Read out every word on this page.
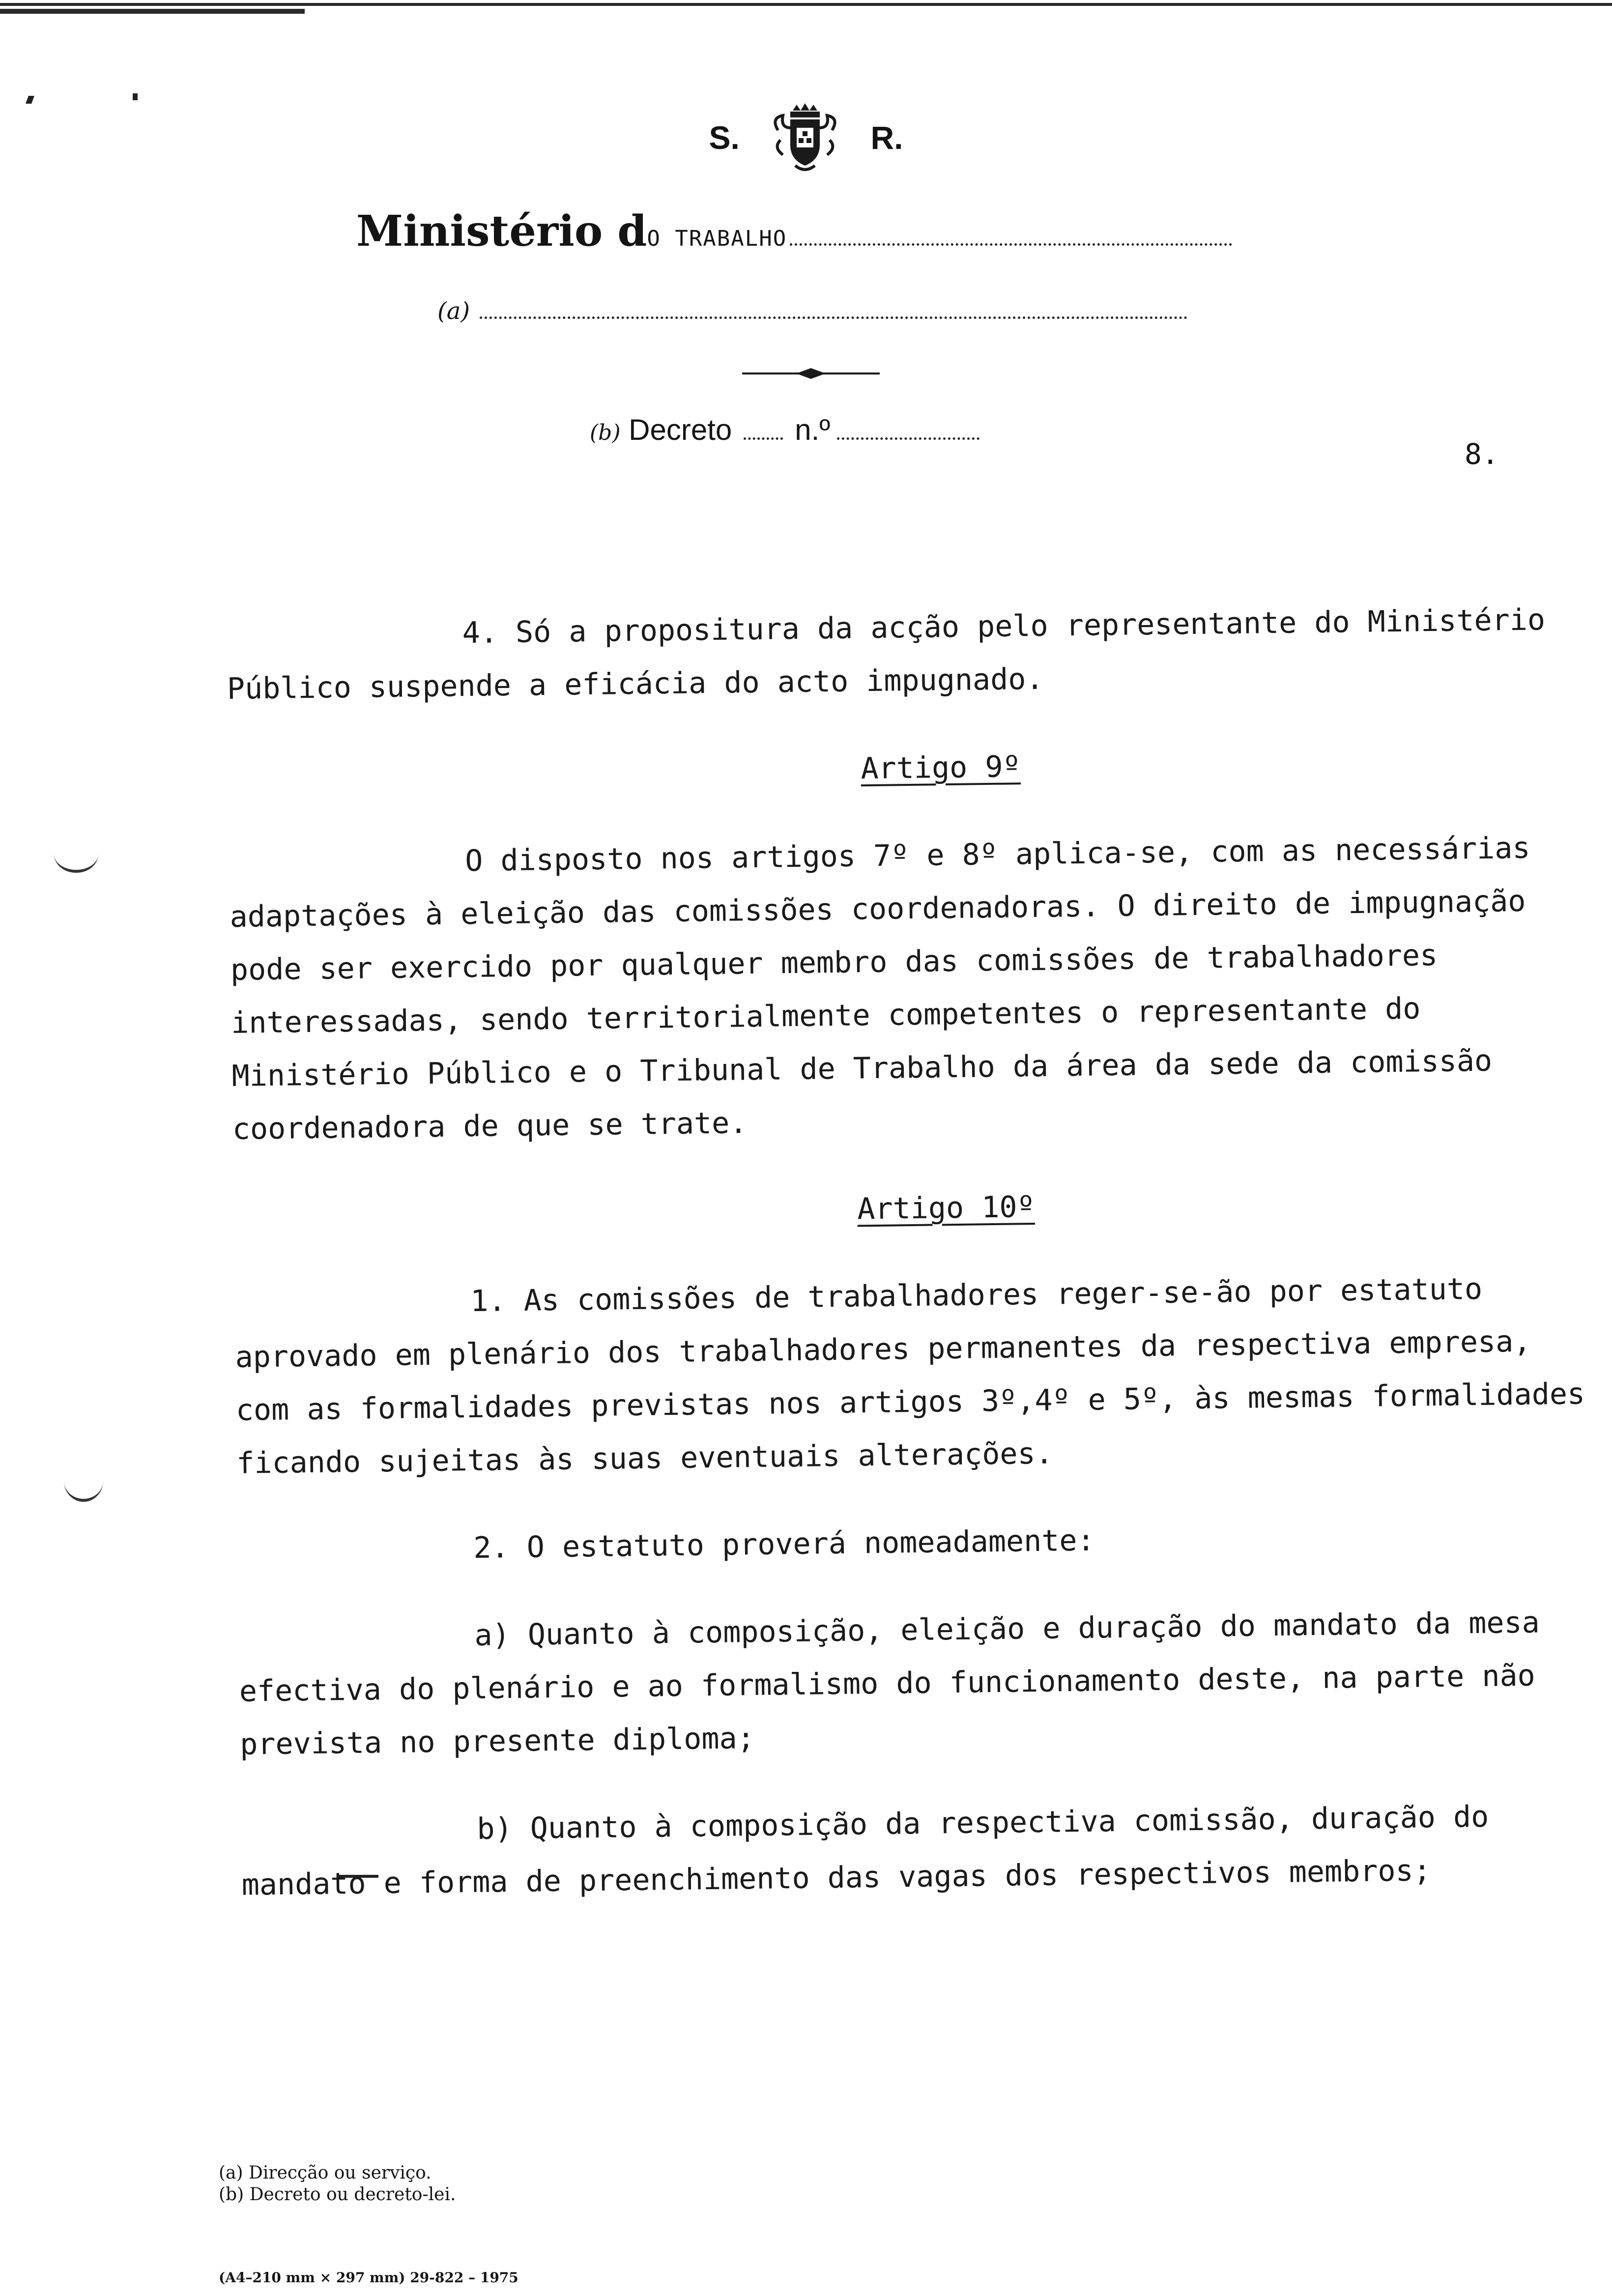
S.	R.
Ministério dO TRABALHO
(a)
(b) Decreto n.º
8.

4. Só a propositura da acção pelo representante do Ministério Público suspende a eficácia do acto impugnado.

Artigo 9º

O disposto nos artigos 7º e 8º aplica-se, com as necessárias adaptações à eleição das comissões coordenadoras. O direito de impugnação pode ser exercido por qualquer membro das comissões de trabalhadores interessadas, sendo territorialmente competentes o representante do Ministério Público e o Tribunal de Trabalho da área da sede da comissão coordenadora de que se trate.

Artigo 10º

1. As comissões de trabalhadores reger-se-ão por estatuto aprovado em plenário dos trabalhadores permanentes da respectiva empresa, com as formalidades previstas nos artigos 3º,4º e 5º, às mesmas formalidades ficando sujeitas às suas eventuais alterações.

2. O estatuto proverá nomeadamente:

a) Quanto à composição, eleição e duração do mandato da mesa efectiva do plenário e ao formalismo do funcionamento deste, na parte não prevista no presente diploma;

b) Quanto à composição da respectiva comissão, duração do mandato e forma de preenchimento das vagas dos respectivos membros;

(a) Direcção ou serviço.
(b) Decreto ou decreto-lei.
(A4–210 mm × 297 mm) 29-822 – 1975
